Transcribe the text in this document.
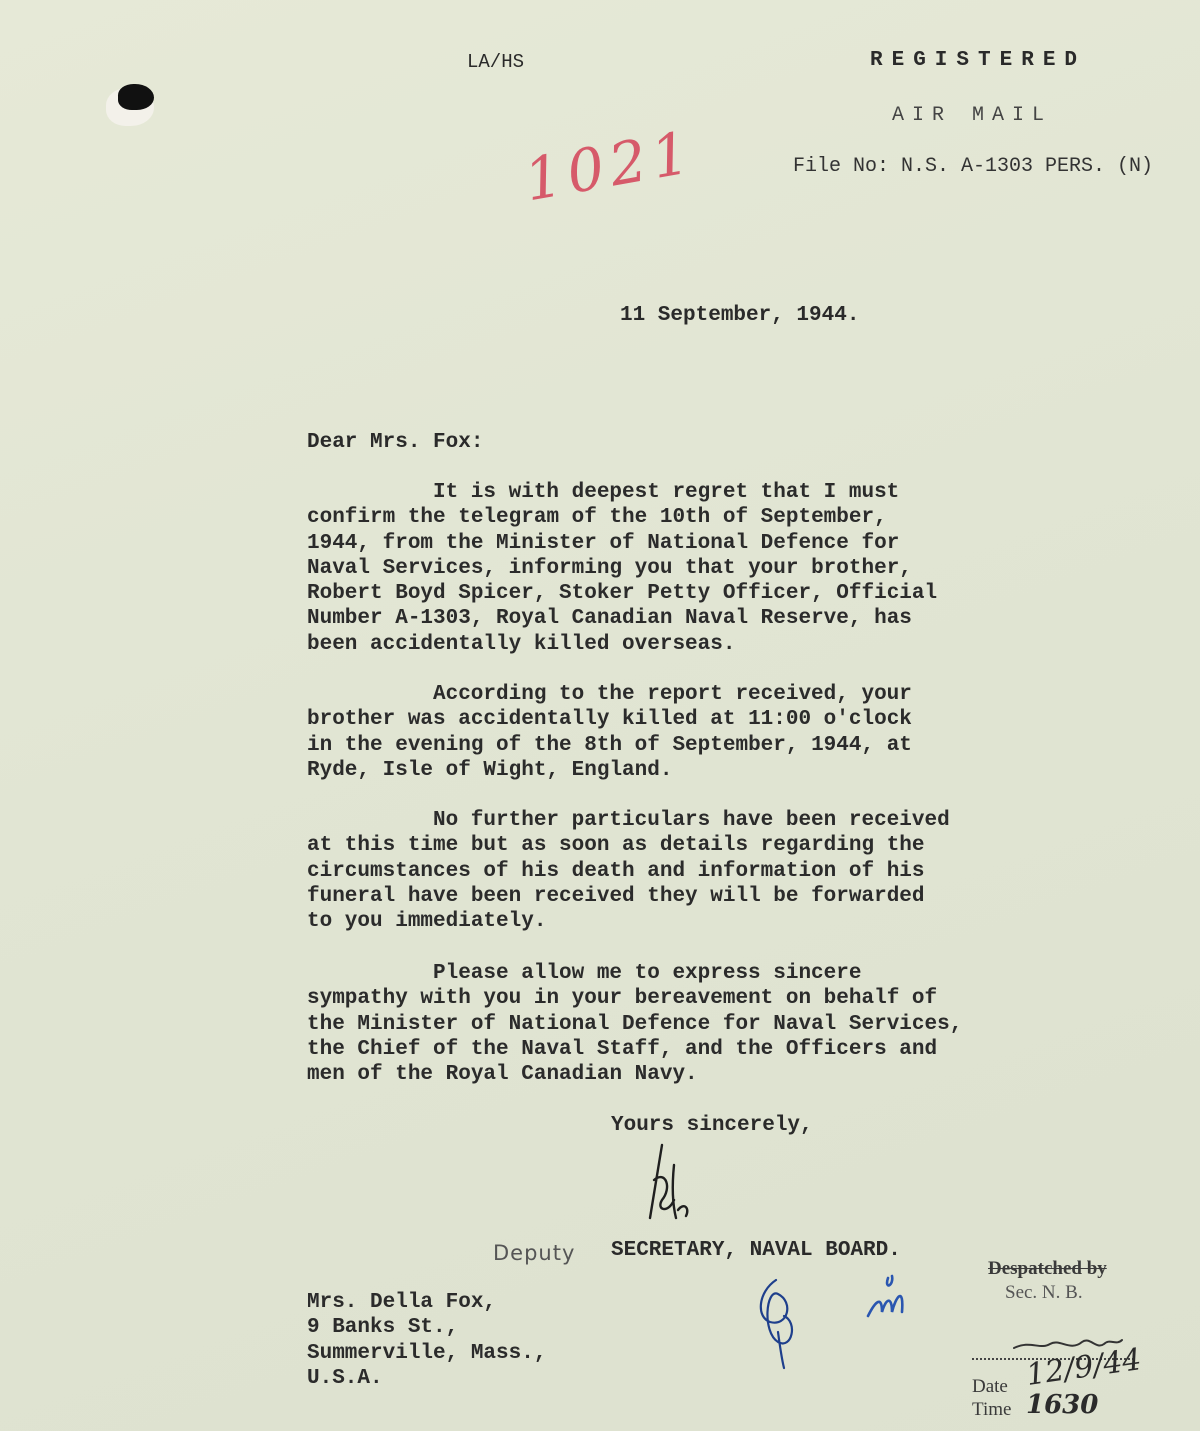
LA/HS	REGISTERED
AIR MAIL
File No: N.S. A-1303 PERS. (N)
1021
11 September, 1944.
Dear Mrs. Fox:
It is with deepest regret that I must
confirm the telegram of the 10th of September,
1944, from the Minister of National Defence for
Naval Services, informing you that your brother,
Robert Boyd Spicer, Stoker Petty Officer, Official
Number A-1303, Royal Canadian Naval Reserve, has
been accidentally killed overseas.
According to the report received, your
brother was accidentally killed at 11:00 o'clock
in the evening of the 8th of September, 1944, at
Ryde, Isle of Wight, England.
No further particulars have been received
at this time but as soon as details regarding the
circumstances of his death and information of his
funeral have been received they will be forwarded
to you immediately.
Please allow me to express sincere
sympathy with you in your bereavement on behalf of
the Minister of National Defence for Naval Services,
the Chief of the Naval Staff, and the Officers and
men of the Royal Canadian Navy.
Yours sincerely,
Deputy SECRETARY, NAVAL BOARD.
Mrs. Della Fox,
9 Banks St.,
Summerville, Mass.,
U.S.A.
Despatched by
Sec. N. B.
Date 12/9/44
Time 1630
